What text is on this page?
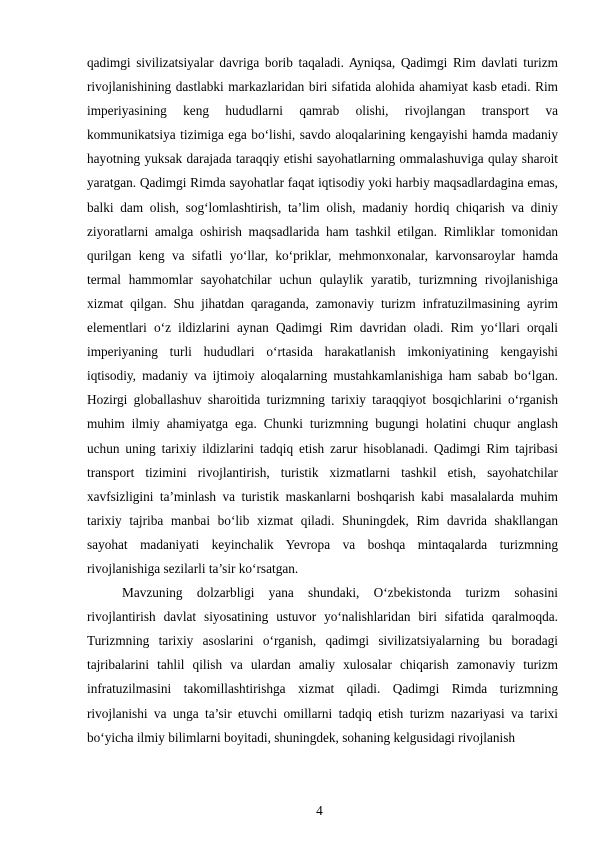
qadimgi sivilizatsiyalar davriga borib taqaladi. Ayniqsa, Qadimgi Rim davlati turizm rivojlanishining dastlabki markazlaridan biri sifatida alohida ahamiyat kasb etadi. Rim imperiyasining keng hududlarni qamrab olishi, rivojlangan transport va kommunikatsiya tizimiga ega bo‘lishi, savdo aloqalarining kengayishi hamda madaniy hayotning yuksak darajada taraqqiy etishi sayohatlarning ommalashuviga qulay sharoit yaratgan. Qadimgi Rimda sayohatlar faqat iqtisodiy yoki harbiy maqsadlardagina emas, balki dam olish, sog‘lomlashtirish, ta’lim olish, madaniy hordiq chiqarish va diniy ziyoratlarni amalga oshirish maqsadlarida ham tashkil etilgan. Rimliklar tomonidan qurilgan keng va sifatli yo‘llar, ko‘priklar, mehmonxonalar, karvonsaroylar hamda termal hammomlar sayohatchilar uchun qulaylik yaratib, turizmning rivojlanishiga xizmat qilgan. Shu jihatdan qaraganda, zamonaviy turizm infratuzilmasining ayrim elementlari o‘z ildizlarini aynan Qadimgi Rim davridan oladi. Rim yo‘llari orqali imperiyaning turli hududlari o‘rtasida harakatlanish imkoniyatining kengayishi iqtisodiy, madaniy va ijtimoiy aloqalarning mustahkamlanishiga ham sabab bo‘lgan. Hozirgi globallashuv sharoitida turizmning tarixiy taraqqiyot bosqichlarini o‘rganish muhim ilmiy ahamiyatga ega. Chunki turizmning bugungi holatini chuqur anglash uchun uning tarixiy ildizlarini tadqiq etish zarur hisoblanadi. Qadimgi Rim tajribasi transport tizimini rivojlantirish, turistik xizmatlarni tashkil etish, sayohatchilar xavfsizligini ta’minlash va turistik maskanlarni boshqarish kabi masalalarda muhim tarixiy tajriba manbai bo‘lib xizmat qiladi. Shuningdek, Rim davrida shakllangan sayohat madaniyati keyinchalik Yevropa va boshqa mintaqalarda turizmning rivojlanishiga sezilarli ta’sir ko‘rsatgan.

Mavzuning dolzarbligi yana shundaki, O‘zbekistonda turizm sohasini rivojlantirish davlat siyosatining ustuvor yo‘nalishlaridan biri sifatida qaralmoqda. Turizmning tarixiy asoslarini o‘rganish, qadimgi sivilizatsiyalarning bu boradagi tajribalarini tahlil qilish va ulardan amaliy xulosalar chiqarish zamonaviy turizm infratuzilmasini takomillashtirishga xizmat qiladi. Qadimgi Rimda turizmning rivojlanishi va unga ta’sir etuvchi omillarni tadqiq etish turizm nazariyasi va tarixi bo‘yicha ilmiy bilimlarni boyitadi, shuningdek, sohaning kelgusidagi rivojlanish

4
